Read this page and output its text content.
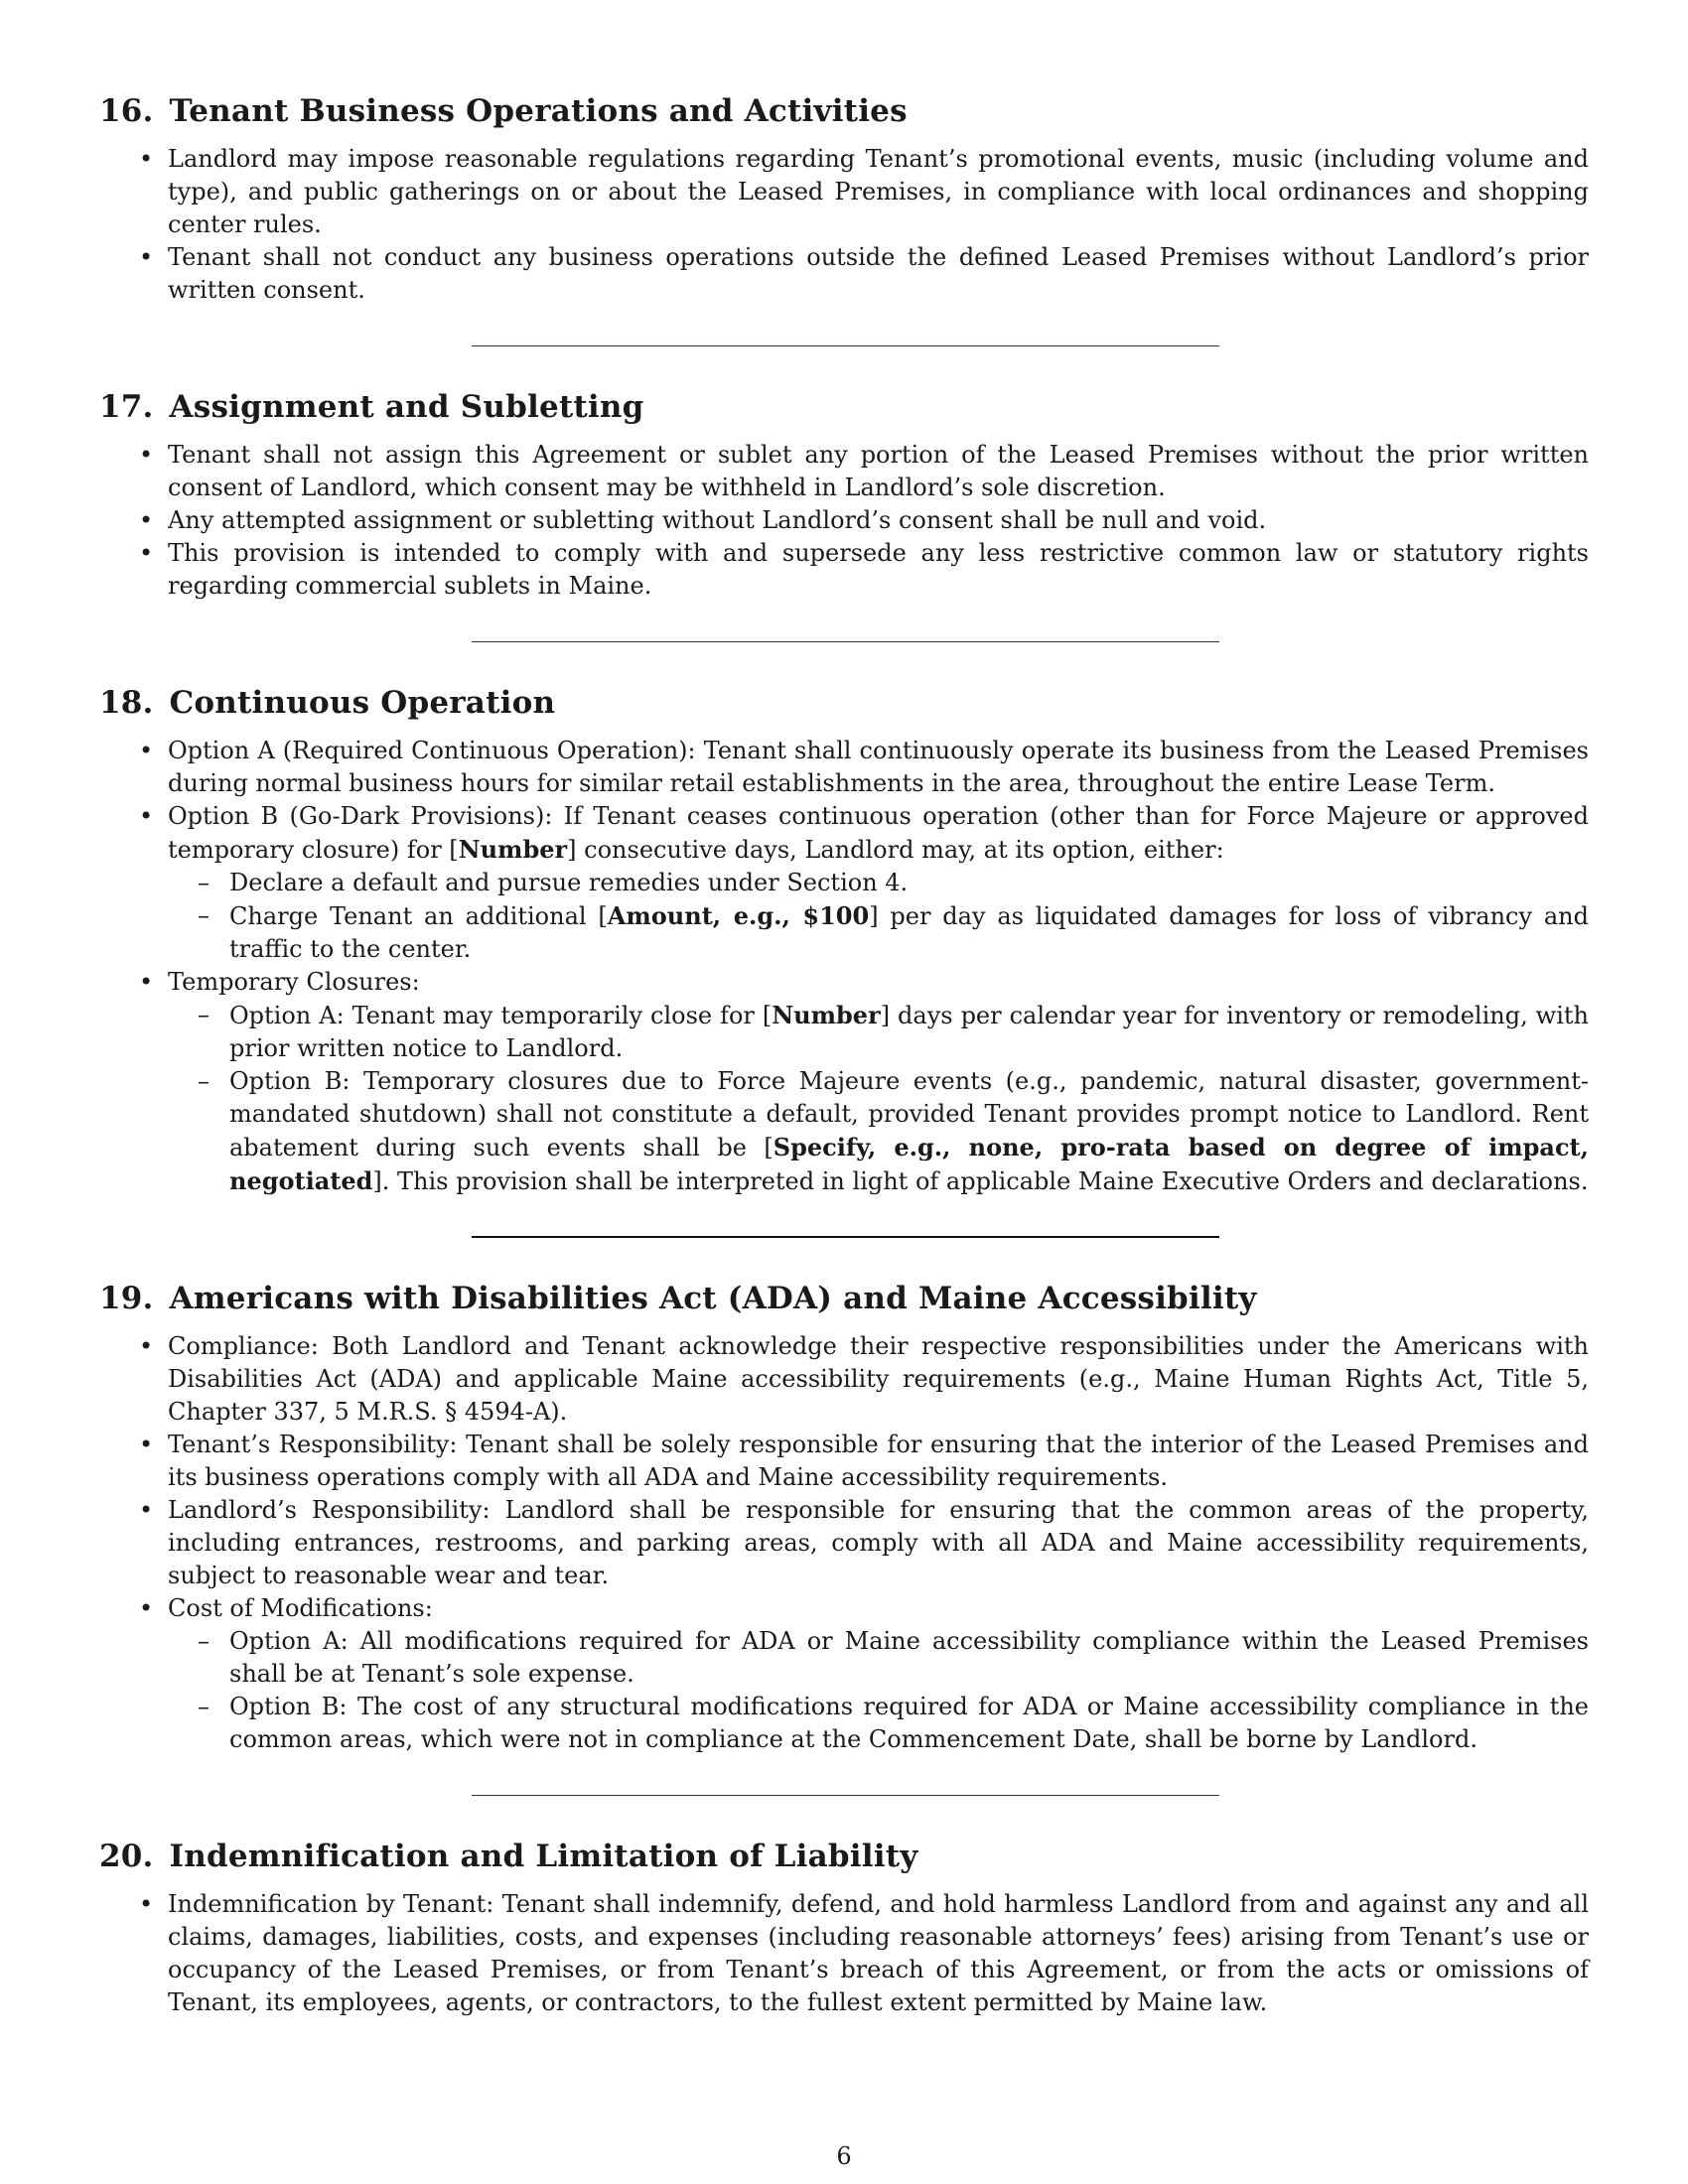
16. Tenant Business Operations and Activities
• Landlord may impose reasonable regulations regarding Tenant’s promotional events, music (including volume and type), and public gatherings on or about the Leased Premises, in compliance with local ordinances and shopping center rules.
• Tenant shall not conduct any business operations outside the defined Leased Premises without Landlord’s prior written consent.
17. Assignment and Subletting
• Tenant shall not assign this Agreement or sublet any portion of the Leased Premises without the prior written consent of Landlord, which consent may be withheld in Landlord’s sole discretion.
• Any attempted assignment or subletting without Landlord’s consent shall be null and void.
• This provision is intended to comply with and supersede any less restrictive common law or statutory rights regarding commercial sublets in Maine.
18. Continuous Operation
• Option A (Required Continuous Operation): Tenant shall continuously operate its business from the Leased Premises during normal business hours for similar retail establishments in the area, throughout the entire Lease Term.
• Option B (Go-Dark Provisions): If Tenant ceases continuous operation (other than for Force Majeure or approved temporary closure) for [Number] consecutive days, Landlord may, at its option, either:
– Declare a default and pursue remedies under Section 4.
– Charge Tenant an additional [Amount, e.g., $100] per day as liquidated damages for loss of vibrancy and traffic to the center.
• Temporary Closures:
– Option A: Tenant may temporarily close for [Number] days per calendar year for inventory or remodeling, with prior written notice to Landlord.
– Option B: Temporary closures due to Force Majeure events (e.g., pandemic, natural disaster, government-mandated shutdown) shall not constitute a default, provided Tenant provides prompt notice to Landlord. Rent abatement during such events shall be [Specify, e.g., none, pro-rata based on degree of impact, negotiated]. This provision shall be interpreted in light of applicable Maine Executive Orders and declarations.
19. Americans with Disabilities Act (ADA) and Maine Accessibility
• Compliance: Both Landlord and Tenant acknowledge their respective responsibilities under the Americans with Disabilities Act (ADA) and applicable Maine accessibility requirements (e.g., Maine Human Rights Act, Title 5, Chapter 337, 5 M.R.S. § 4594-A).
• Tenant’s Responsibility: Tenant shall be solely responsible for ensuring that the interior of the Leased Premises and its business operations comply with all ADA and Maine accessibility requirements.
• Landlord’s Responsibility: Landlord shall be responsible for ensuring that the common areas of the property, including entrances, restrooms, and parking areas, comply with all ADA and Maine accessibility requirements, subject to reasonable wear and tear.
• Cost of Modifications:
– Option A: All modifications required for ADA or Maine accessibility compliance within the Leased Premises shall be at Tenant’s sole expense.
– Option B: The cost of any structural modifications required for ADA or Maine accessibility compliance in the common areas, which were not in compliance at the Commencement Date, shall be borne by Landlord.
20. Indemnification and Limitation of Liability
• Indemnification by Tenant: Tenant shall indemnify, defend, and hold harmless Landlord from and against any and all claims, damages, liabilities, costs, and expenses (including reasonable attorneys’ fees) arising from Tenant’s use or occupancy of the Leased Premises, or from Tenant’s breach of this Agreement, or from the acts or omissions of Tenant, its employees, agents, or contractors, to the fullest extent permitted by Maine law.
6
